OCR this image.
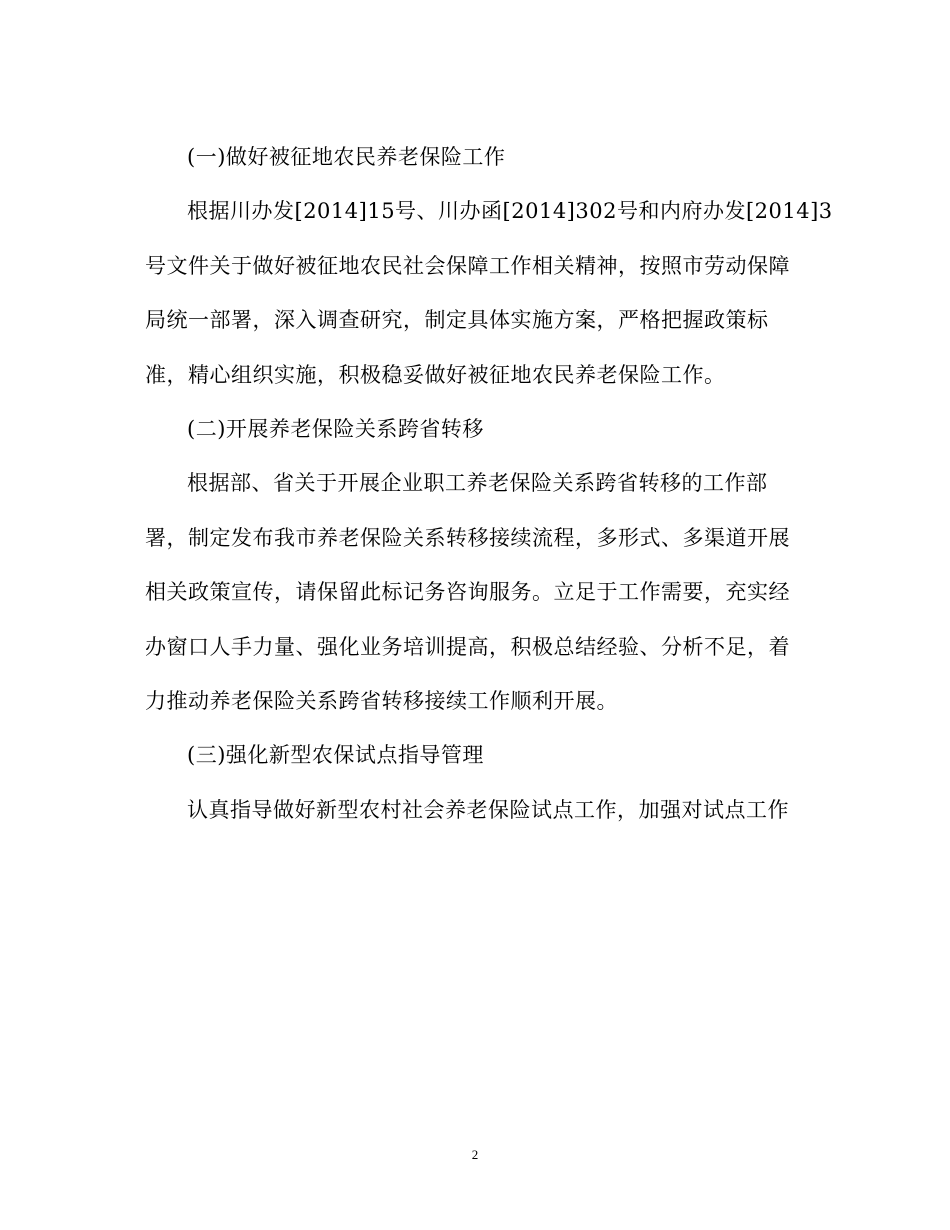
(一)做好被征地农民养老保险工作
根据川办发[2014]15号、川办函[2014]302号和内府办发[2014]3
号文件关于做好被征地农民社会保障工作相关精神，按照市劳动保障
局统一部署，深入调查研究，制定具体实施方案，严格把握政策标
准，精心组织实施，积极稳妥做好被征地农民养老保险工作。
(二)开展养老保险关系跨省转移
根据部、省关于开展企业职工养老保险关系跨省转移的工作部
署，制定发布我市养老保险关系转移接续流程，多形式、多渠道开展
相关政策宣传，请保留此标记务咨询服务。立足于工作需要，充实经
办窗口人手力量、强化业务培训提高，积极总结经验、分析不足，着
力推动养老保险关系跨省转移接续工作顺利开展。
(三)强化新型农保试点指导管理
认真指导做好新型农村社会养老保险试点工作，加强对试点工作
2
